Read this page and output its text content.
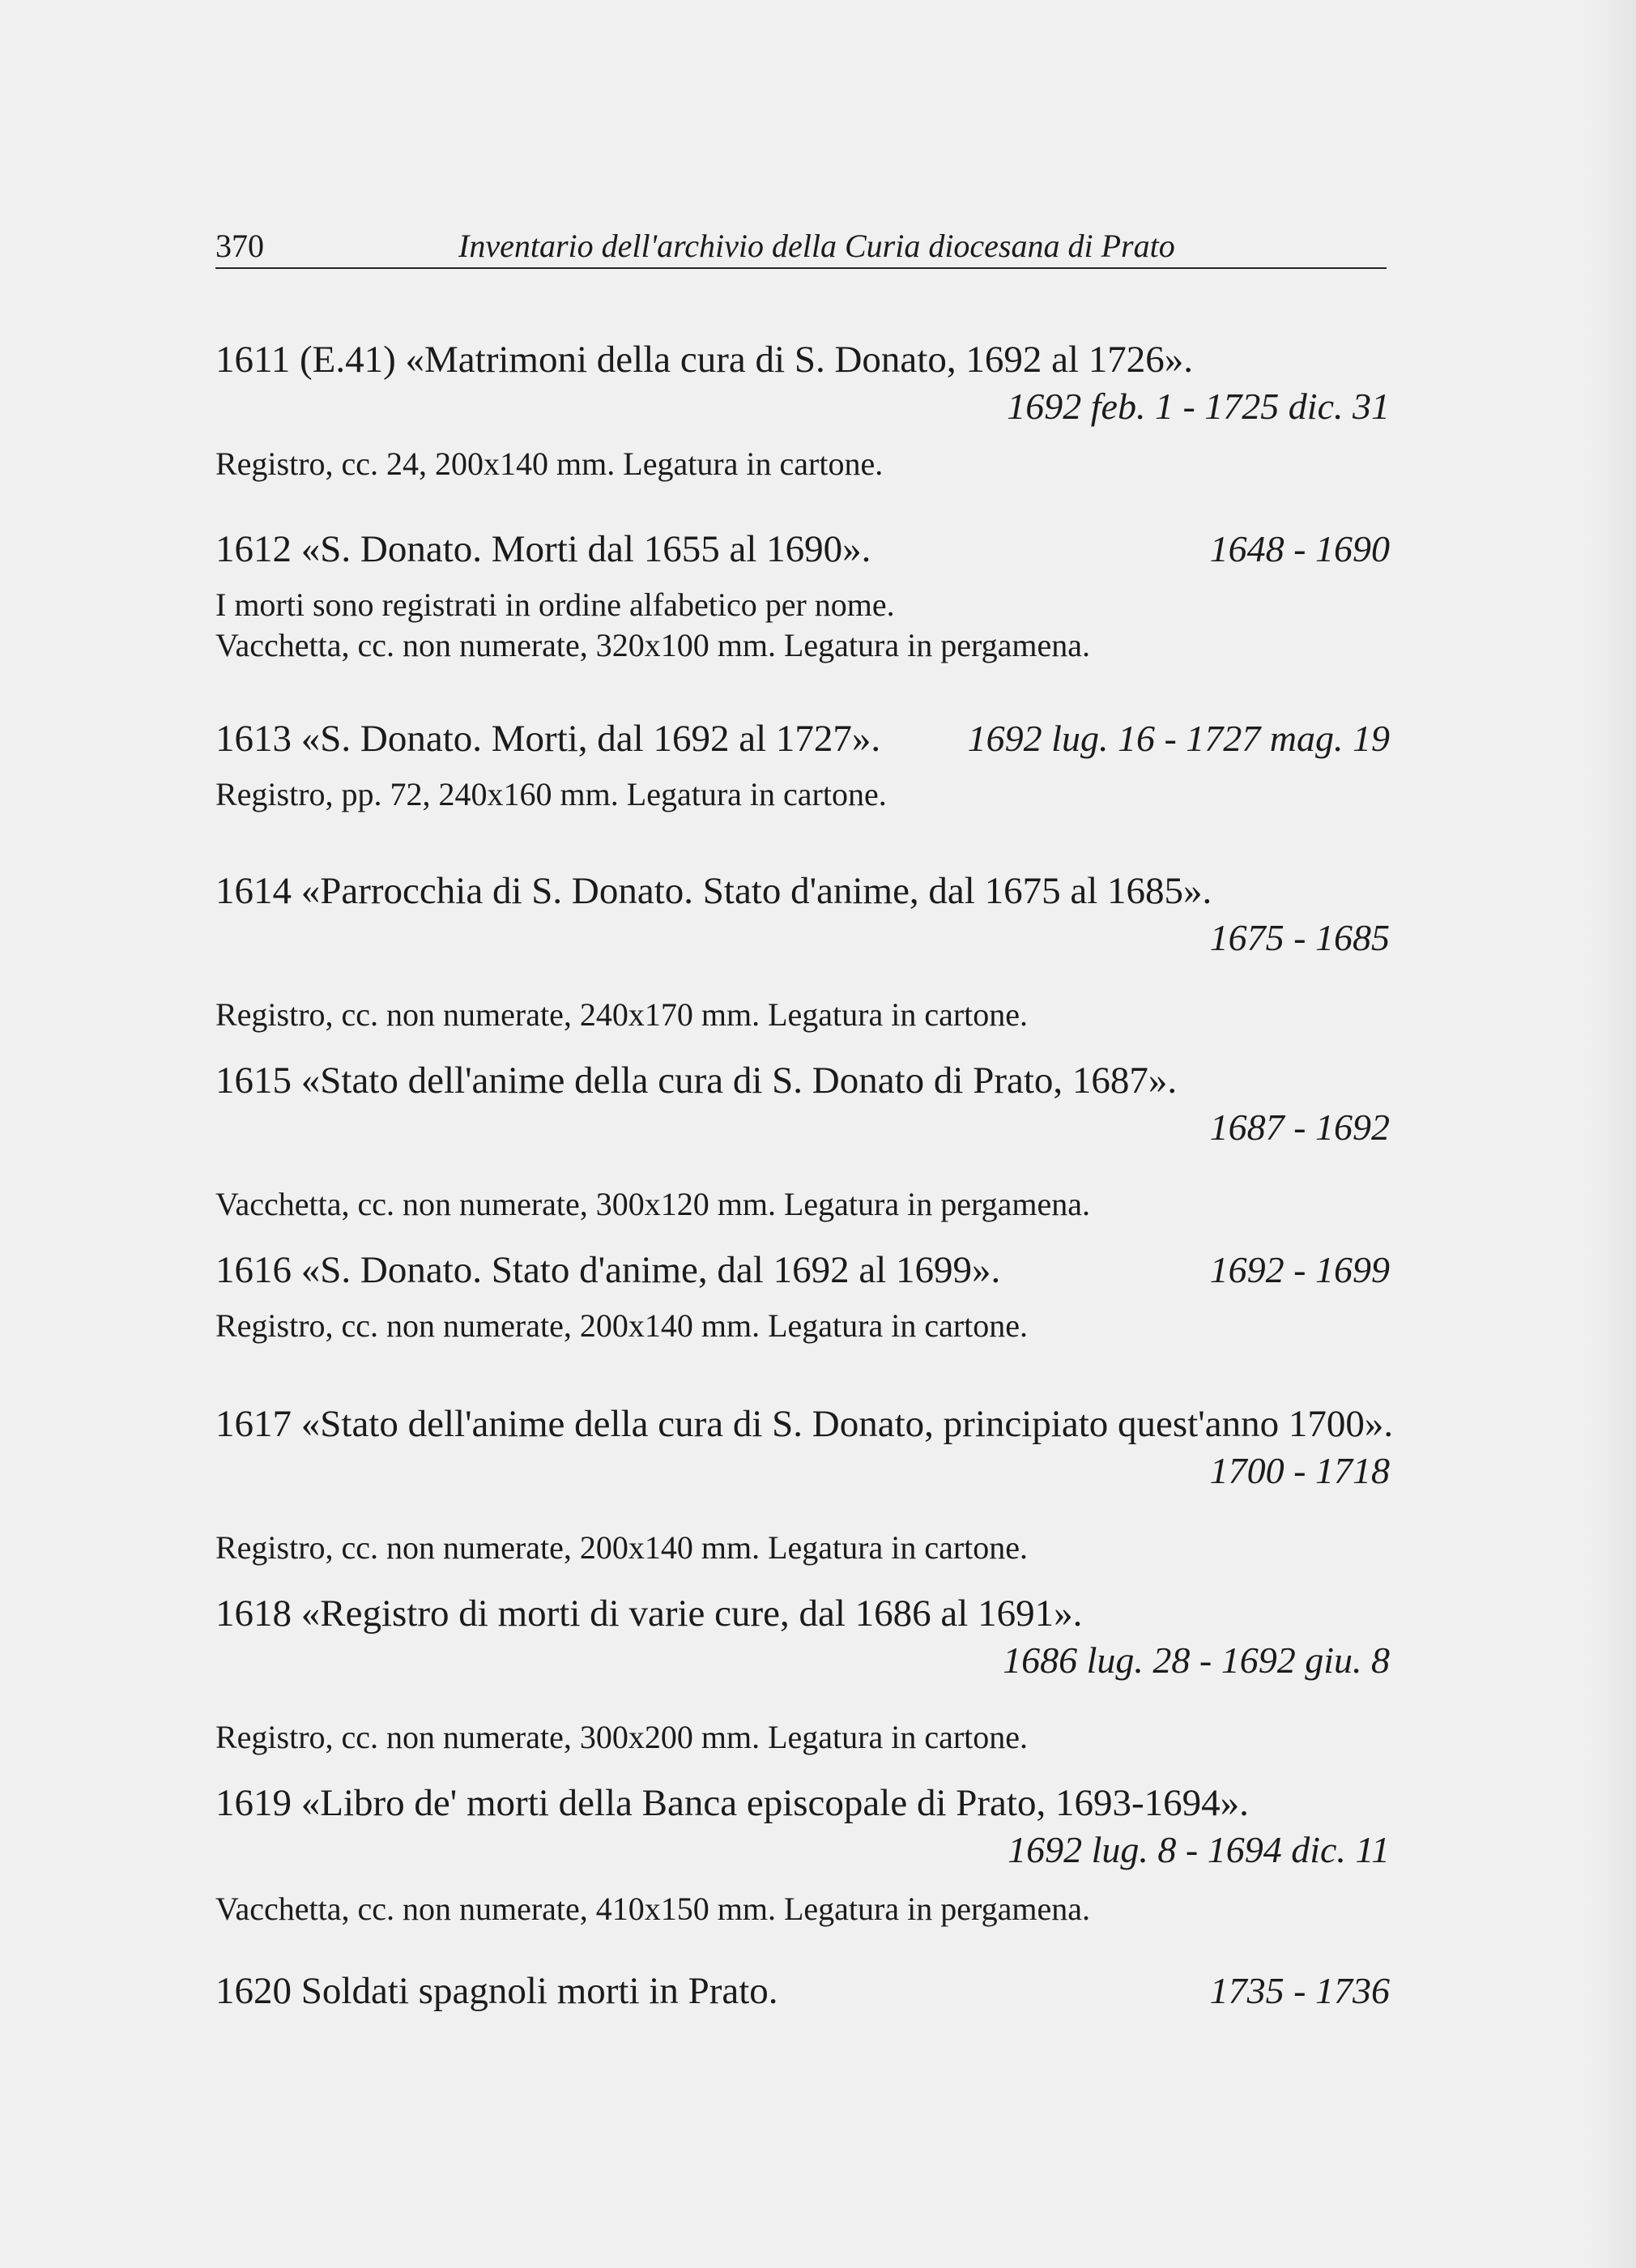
370	Inventario dell'archivio della Curia diocesana di Prato
1611 (E.41) «Matrimoni della cura di S. Donato, 1692 al 1726».
1692 feb. 1 - 1725 dic. 31
Registro, cc. 24, 200x140 mm. Legatura in cartone.
1612 «S. Donato. Morti dal 1655 al 1690».	1648 - 1690
I morti sono registrati in ordine alfabetico per nome.
Vacchetta, cc. non numerate, 320x100 mm. Legatura in pergamena.
1613 «S. Donato. Morti, dal 1692 al 1727». 1692 lug. 16 - 1727 mag. 19
Registro, pp. 72, 240x160 mm. Legatura in cartone.
1614 «Parrocchia di S. Donato. Stato d'anime, dal 1675 al 1685».
1675 - 1685
Registro, cc. non numerate, 240x170 mm. Legatura in cartone.
1615 «Stato dell'anime della cura di S. Donato di Prato, 1687».
1687 - 1692
Vacchetta, cc. non numerate, 300x120 mm. Legatura in pergamena.
1616 «S. Donato. Stato d'anime, dal 1692 al 1699».	1692 - 1699
Registro, cc. non numerate, 200x140 mm. Legatura in cartone.
1617 «Stato dell'anime della cura di S. Donato, principiato quest'anno 1700».
1700 - 1718
Registro, cc. non numerate, 200x140 mm. Legatura in cartone.
1618 «Registro di morti di varie cure, dal 1686 al 1691».
1686 lug. 28 - 1692 giu. 8
Registro, cc. non numerate, 300x200 mm. Legatura in cartone.
1619 «Libro de' morti della Banca episcopale di Prato, 1693-1694».
1692 lug. 8 - 1694 dic. 11
Vacchetta, cc. non numerate, 410x150 mm. Legatura in pergamena.
1620 Soldati spagnoli morti in Prato.	1735 - 1736
